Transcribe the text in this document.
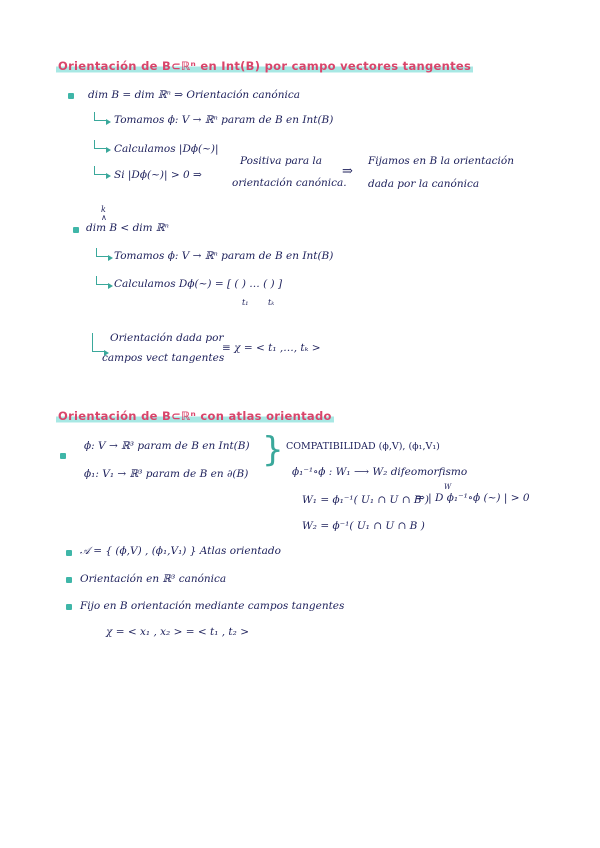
Orientación de B⊂ℝⁿ en Int(B) por campo vectores tangentes
dim B = dim ℝⁿ ⇒ Orientación canónica
Tomamos ϕ: V → ℝⁿ param de B en Int(B)
Calculamos |Dϕ(~)|
Si |Dϕ(~)| > 0 ⇒
Positiva para la
orientación canónica.
⇒
Fijamos en B la orientación
dada por la canónica
k
∧
dim B < dim ℝⁿ
Tomamos ϕ: V → ℝⁿ param de B en Int(B)
Calculamos Dϕ(~) = [ ( ) … ( ) ]
t₁ tₖ
Orientación dada por
campos vect tangentes
≡ χ = < t₁ ,…, tₖ >
Orientación de B⊂ℝⁿ con atlas orientado
ϕ: V → ℝ³ param de B en Int(B)
ϕ₁: V₁ → ℝ³ param de B en ∂(B)
} COMPATIBILIDAD (ϕ,V), (ϕ₁,V₁)
ϕ₁⁻¹∘ϕ : W₁ ⟶ W₂ difeomorfismo
W
W₁ = ϕ₁⁻¹( U₁ ∩ U ∩ B )
⇒ | D ϕ₁⁻¹∘ϕ (~) | > 0
W₂ = ϕ⁻¹( U₁ ∩ U ∩ B )
𝒜 = { (ϕ,V) , (ϕ₁,V₁) } Atlas orientado
Orientación en ℝ³ canónica
Fijo en B orientación mediante campos tangentes
χ = < x₁ , x₂ > = < t₁ , t₂ >
